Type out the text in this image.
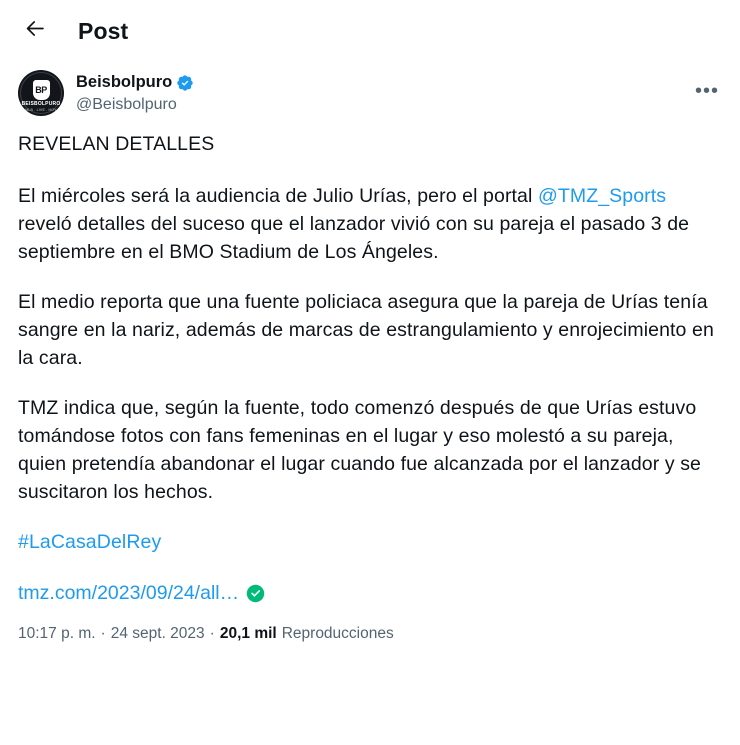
Post
BP
BEISBOLPURO
MLB . LIVE . HOY
Beisbolpuro
@Beisbolpuro
•••

REVELAN DETALLES

El miércoles será la audiencia de Julio Urías, pero el portal @TMZ_Sports reveló detalles del suceso que el lanzador vivió con su pareja el pasado 3 de septiembre en el BMO Stadium de Los Ángeles.

El medio reporta que una fuente policiaca asegura que la pareja de Urías tenía sangre en la nariz, además de marcas de estrangulamiento y enrojecimiento en la cara.

TMZ indica que, según la fuente, todo comenzó después de que Urías estuvo tomándose fotos con fans femeninas en el lugar y eso molestó a su pareja, quien pretendía abandonar el lugar cuando fue alcanzada por el lanzador y se suscitaron los hechos.

#LaCasaDelRey

tmz.com/2023/09/24/all…
10:17 p. m. · 24 sept. 2023 · 20,1 mil Reproducciones
